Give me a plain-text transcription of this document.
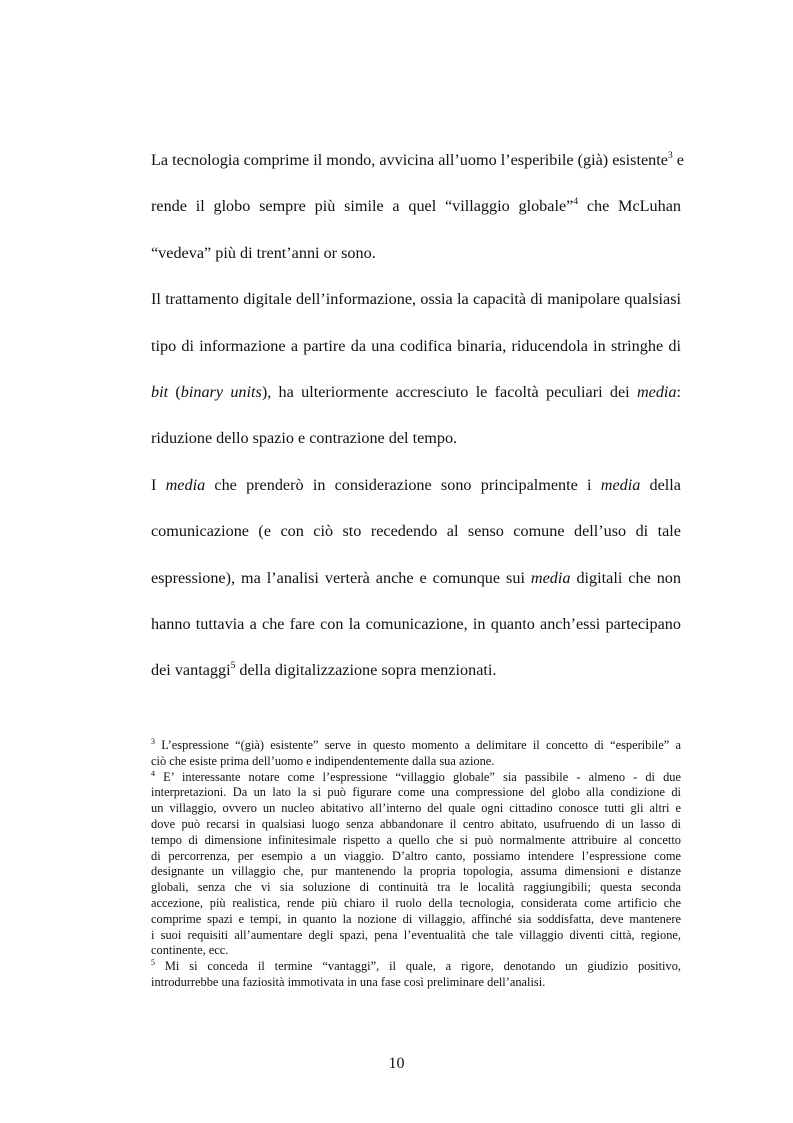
La tecnologia comprime il mondo, avvicina all’uomo l’esperibile (già) esistente$^3$ e
rende il globo sempre più simile a quel “villaggio globale”$^4$ che McLuhan
“vedeva” più di trent’anni or sono.
Il trattamento digitale dell’informazione, ossia la capacità di manipolare qualsiasi
tipo di informazione a partire da una codifica binaria, riducendola in stringhe di
bit (binary units), ha ulteriormente accresciuto le facoltà peculiari dei media:
riduzione dello spazio e contrazione del tempo.
I media che prenderò in considerazione sono principalmente i media della
comunicazione (e con ciò sto recedendo al senso comune dell’uso di tale
espressione), ma l’analisi verterà anche e comunque sui media digitali che non
hanno tuttavia a che fare con la comunicazione, in quanto anch’essi partecipano
dei vantaggi$^5$ della digitalizzazione sopra menzionati.
$^3$ L’espressione “(già) esistente” serve in questo momento a delimitare il concetto di “esperibile” a
ciò che esiste prima dell’uomo e indipendentemente dalla sua azione.
$^4$ E’ interessante notare come l’espressione “villaggio globale” sia passibile - almeno - di due
interpretazioni. Da un lato la si può figurare come una compressione del globo alla condizione di
un villaggio, ovvero un nucleo abitativo all’interno del quale ogni cittadino conosce tutti gli altri e
dove può recarsi in qualsiasi luogo senza abbandonare il centro abitato, usufruendo di un lasso di
tempo di dimensione infinitesimale rispetto a quello che si può normalmente attribuire al concetto
di percorrenza, per esempio a un viaggio. D’altro canto, possiamo intendere l’espressione come
designante un villaggio che, pur mantenendo la propria topologia, assuma dimensioni e distanze
globali, senza che vi sia soluzione di continuità tra le località raggiungibili; questa seconda
accezione, più realistica, rende più chiaro il ruolo della tecnologia, considerata come artificio che
comprime spazi e tempi, in quanto la nozione di villaggio, affinché sia soddisfatta, deve mantenere
i suoi requisiti all’aumentare degli spazi, pena l’eventualità che tale villaggio diventi città, regione,
continente, ecc.
$^5$ Mi si conceda il termine “vantaggi”, il quale, a rigore, denotando un giudizio positivo,
introdurrebbe una faziosità immotivata in una fase così preliminare dell’analisi.
10
